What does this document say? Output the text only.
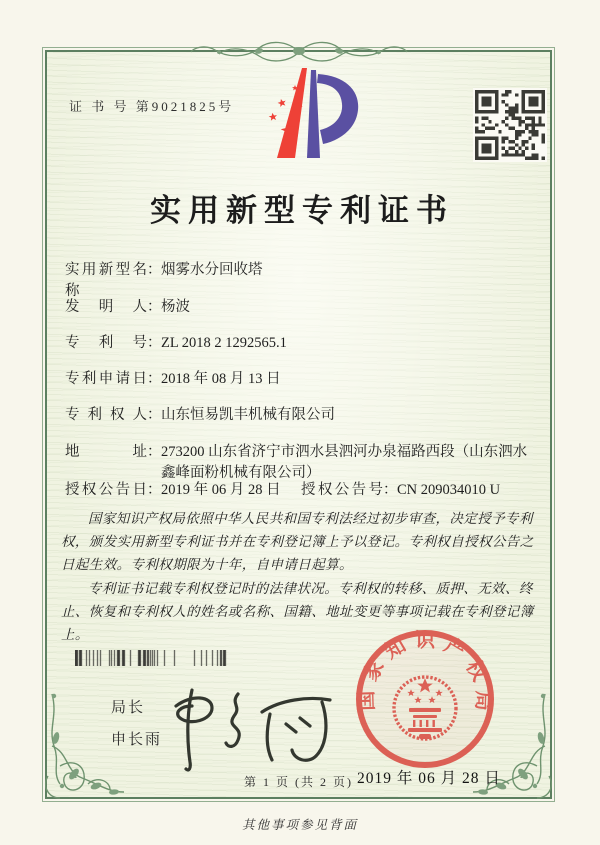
证 书 号 第9021825号
实用新型专利证书
实用新型名称
： 烟雾水分回收塔
发明人 ： 杨波
专利号 ： ZL 2018 2 1292565.1
专利申请日 ： 2018 年 08 月 13 日
专利权人 ： 山东恒易凯丰机械有限公司
地址 ： 273200 山东省济宁市泗水县泗河办泉福路西段（山东泗水鑫峰面粉机械有限公司）
授权公告日 ： 2019 年 06 月 28 日	授权公告号 ： CN 209034010 U

国家知识产权局依照中华人民共和国专利法经过初步审查，决定授予专利权，颁发实用新型专利证书并在专利登记簿上予以登记。专利权自授权公告之日起生效。专利权期限为十年，自申请日起算。

专利证书记载专利权登记时的法律状况。专利权的转移、质押、无效、终止、恢复和专利权人的姓名或名称、国籍、地址变更等事项记载在专利登记簿上。

局长
申长雨
国家知识产权局
2019 年 06 月 28 日
第 1 页 (共 2 页)
其他事项参见背面
